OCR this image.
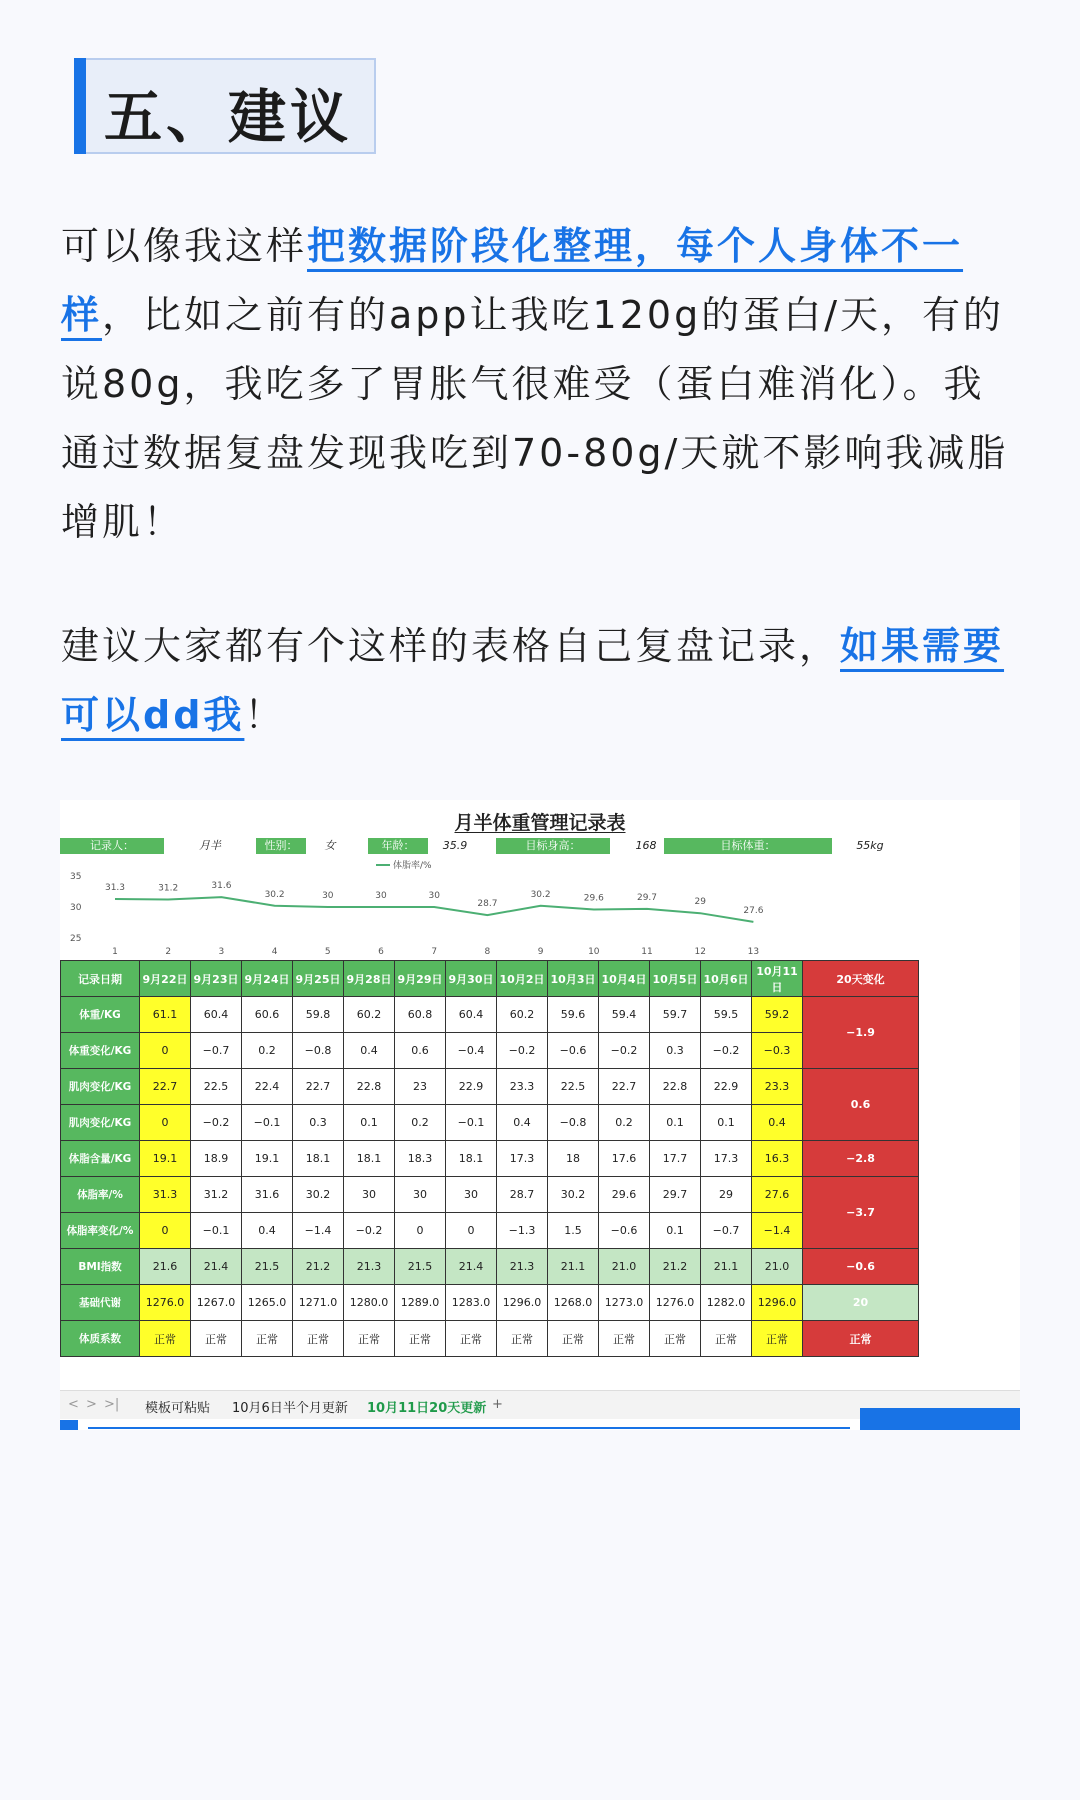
五、建议
可以像我这样把数据阶段化整理，每个人身体不一样，比如之前有的app让我吃120g的蛋白/天，有的说80g，我吃多了胃胀气很难受（蛋白难消化）。我通过数据复盘发现我吃到70-80g/天就不影响我减脂增肌！
建议大家都有个这样的表格自己复盘记录，如果需要可以dd我！
月半体重管理记录表
记录人：	月半	性别：	女	年龄：	35.9	目标身高：	168	目标体重：	55kg
25
30
35
31.3	31.2	31.6
30.2	30	30	30
28.7
30.2	29.6	29.7	29
27.6
1	2	3	4	5	6	7	8	9	10	11	12	13
体脂率/%
记录日期	9月22日	9月23日	9月24日	9月25日	9月28日	9月29日	9月30日	10月2日	10月3日	10月4日	10月5日	10月6日	10月11日	20天变化
体重/KG	61.1	60.4	60.6	59.8	60.2	60.8	60.4	60.2	59.6	59.4	59.7	59.5	59.2	−1.9
体重变化/KG	0	−0.7	0.2	−0.8	0.4	0.6	−0.4	−0.2	−0.6	−0.2	0.3	−0.2	−0.3	
肌肉变化/KG	22.7	22.5	22.4	22.7	22.8	23	22.9	23.3	22.5	22.7	22.8	22.9	23.3	0.6
肌肉变化/KG	0	−0.2	−0.1	0.3	0.1	0.2	−0.1	0.4	−0.8	0.2	0.1	0.1	0.4	
体脂含量/KG	19.1	18.9	19.1	18.1	18.1	18.3	18.1	17.3	18	17.6	17.7	17.3	16.3	−2.8
体脂率/%	31.3	31.2	31.6	30.2	30	30	30	28.7	30.2	29.6	29.7	29	27.6	−3.7
体脂率变化/%	0	−0.1	0.4	−1.4	−0.2	0	0	−1.3	1.5	−0.6	0.1	−0.7	−1.4	
BMI指数	21.6	21.4	21.5	21.2	21.3	21.5	21.4	21.3	21.1	21.0	21.2	21.1	21.0	−0.6
基础代谢	1276.0	1267.0	1265.0	1271.0	1280.0	1289.0	1283.0	1296.0	1268.0	1273.0	1276.0	1282.0	1296.0	20
体质系数	正常	正常	正常	正常	正常	正常	正常	正常	正常	正常	正常	正常	正常	正常
< > >| 模板可粘贴 10月6日半个月更新 10月11日20天更新 +
